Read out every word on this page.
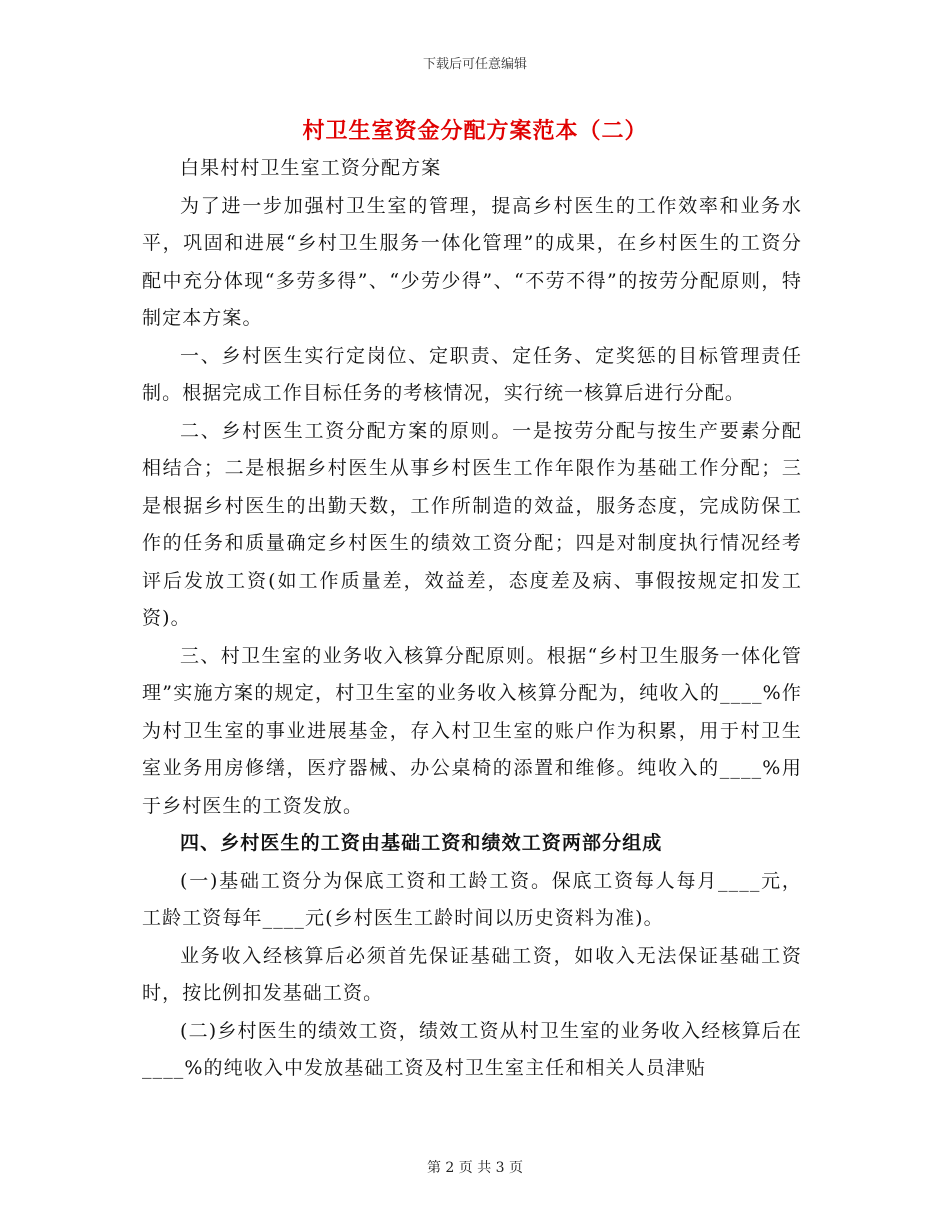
下载后可任意编辑
村卫生室资金分配方案范本（二）

白果村村卫生室工资分配方案

为了进一步加强村卫生室的管理，提高乡村医生的工作效率和业务水平，巩固和进展“乡村卫生服务一体化管理”的成果，在乡村医生的工资分配中充分体现“多劳多得”、“少劳少得”、“不劳不得”的按劳分配原则，特制定本方案。

一、乡村医生实行定岗位、定职责、定任务、定奖惩的目标管理责任制。根据完成工作目标任务的考核情况，实行统一核算后进行分配。

二、乡村医生工资分配方案的原则。一是按劳分配与按生产要素分配相结合；二是根据乡村医生从事乡村医生工作年限作为基础工作分配；三是根据乡村医生的出勤天数，工作所制造的效益，服务态度，完成防保工作的任务和质量确定乡村医生的绩效工资分配；四是对制度执行情况经考评后发放工资(如工作质量差，效益差，态度差及病、事假按规定扣发工资)。

三、村卫生室的业务收入核算分配原则。根据“乡村卫生服务一体化管理”实施方案的规定，村卫生室的业务收入核算分配为，纯收入的____%作为村卫生室的事业进展基金，存入村卫生室的账户作为积累，用于村卫生室业务用房修缮，医疗器械、办公桌椅的添置和维修。纯收入的____%用于乡村医生的工资发放。

四、乡村医生的工资由基础工资和绩效工资两部分组成

(一)基础工资分为保底工资和工龄工资。保底工资每人每月____元，工龄工资每年____元(乡村医生工龄时间以历史资料为准)。

业务收入经核算后必须首先保证基础工资，如收入无法保证基础工资时，按比例扣发基础工资。

(二)乡村医生的绩效工资，绩效工资从村卫生室的业务收入经核算后在____%的纯收入中发放基础工资及村卫生室主任和相关人员津贴

第 2 页 共 3 页
